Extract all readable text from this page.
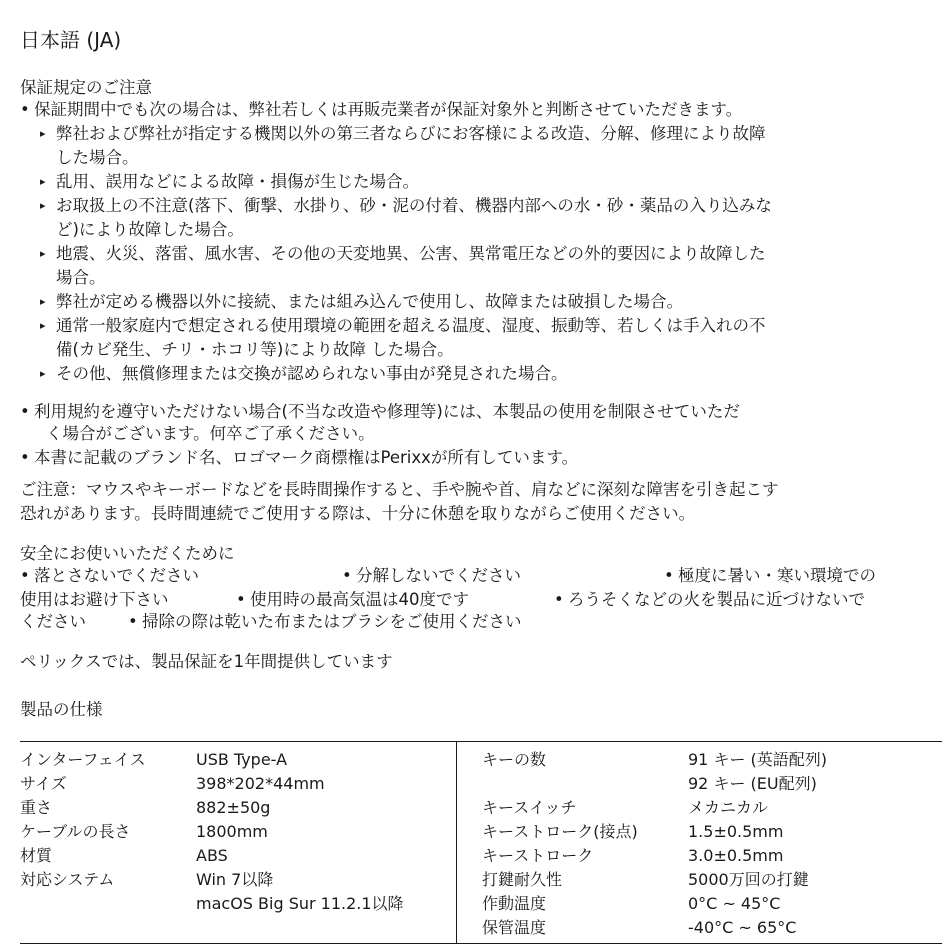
日本語 (JA)
保証規定のご注意
• 保証期間中でも次の場合は、弊社若しくは再販売業者が保証対象外と判断させていただきます。
▸ 弊社および弊社が指定する機関以外の第三者ならびにお客様による改造、分解、修理により故障
した場合。
▸ 乱用、誤用などによる故障・損傷が生じた場合。
▸ お取扱上の不注意(落下、衝撃、水掛り、砂・泥の付着、機器内部への水・砂・薬品の入り込みな
ど)により故障した場合。
▸ 地震、火災、落雷、風水害、その他の天変地異、公害、異常電圧などの外的要因により故障した
場合。
▸ 弊社が定める機器以外に接続、または組み込んで使用し、故障または破損した場合。
▸ 通常一般家庭内で想定される使用環境の範囲を超える温度、湿度、振動等、若しくは手入れの不
備(カビ発生、チリ・ホコリ等)により故障 した場合。
▸ その他、無償修理または交換が認められない事由が発見された場合。
• 利用規約を遵守いただけない場合(不当な改造や修理等)には、本製品の使用を制限させていただ
く場合がございます。何卒ご了承ください。
• 本書に記載のブランド名、ロゴマーク商標権はPerixxが所有しています。
ご注意：マウスやキーボードなどを長時間操作すると、手や腕や首、肩などに深刻な障害を引き起こす
恐れがあります。長時間連続でご使用する際は、十分に休憩を取りながらご使用ください。
安全にお使いいただくために
• 落とさないでください	• 分解しないでください	• 極度に暑い・寒い環境での
使用はお避け下さい	• 使用時の最高気温は40度です	• ろうそくなどの火を製品に近づけないで
ください	• 掃除の際は乾いた布またはブラシをご使用ください
ペリックスでは、製品保証を1年間提供しています
製品の仕様
インターフェイス	USB Type-A
サイズ	398*202*44mm
重さ	882±50g
ケーブルの長さ	1800mm
材質	ABS
対応システム	Win 7以降
macOS Big Sur 11.2.1以降
キーの数	91 キー (英語配列)
92 キー (EU配列)
キースイッチ	メカニカル
キーストローク(接点)	1.5±0.5mm
キーストローク	3.0±0.5mm
打鍵耐久性	5000万回の打鍵
作動温度	0°C ~ 45°C
保管温度	-40°C ~ 65°C
